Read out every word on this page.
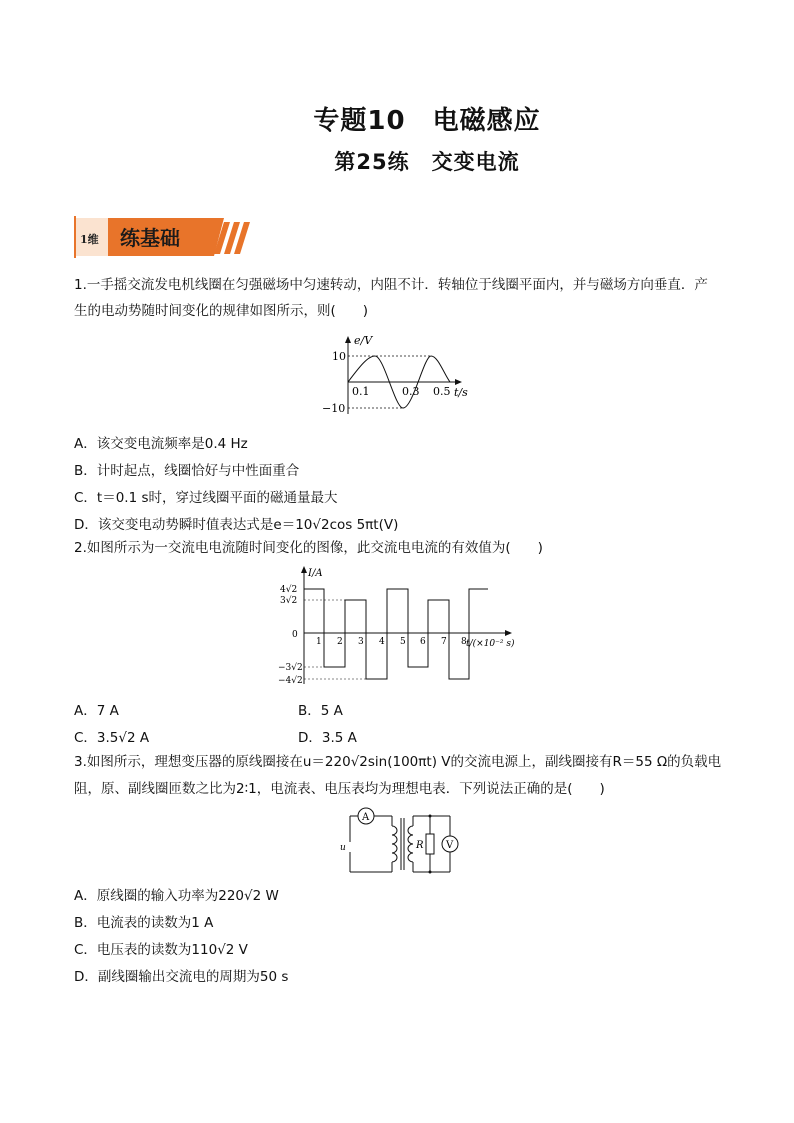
专题10　电磁感应
第25练　交变电流
1维 练基础
1.一手摇交流发电机线圈在匀强磁场中匀速转动，内阻不计．转轴位于线圈平面内，并与磁场方向垂直．产
生的电动势随时间变化的规律如图所示，则(　　)
e/V
t/s
10
−10
0.1	0.3 0.5
A．该交变电流频率是0.4 Hz
B．计时起点，线圈恰好与中性面重合
C．t＝0.1 s时，穿过线圈平面的磁通量最大
D．该交变电动势瞬时值表达式是e＝10√2cos 5πt(V)
2.如图所示为一交流电电流随时间变化的图像，此交流电电流的有效值为(　　)
I/A
t/(×10⁻² s)
4√2
3√2
0
−3√2
−4√2
1 2 3 4 5 6 7 8
A．7 A	B．5 A
C．3.5√2 A	D．3.5 A
3.如图所示，理想变压器的原线圈接在u＝220√2sin(100πt) V的交流电源上，副线圈接有R＝55 Ω的负载电
阻，原、副线圈匝数之比为2∶1，电流表、电压表均为理想电表．下列说法正确的是(　　)
A
u	R V
A．原线圈的输入功率为220√2 W
B．电流表的读数为1 A
C．电压表的读数为110√2 V
D．副线圈输出交流电的周期为50 s
